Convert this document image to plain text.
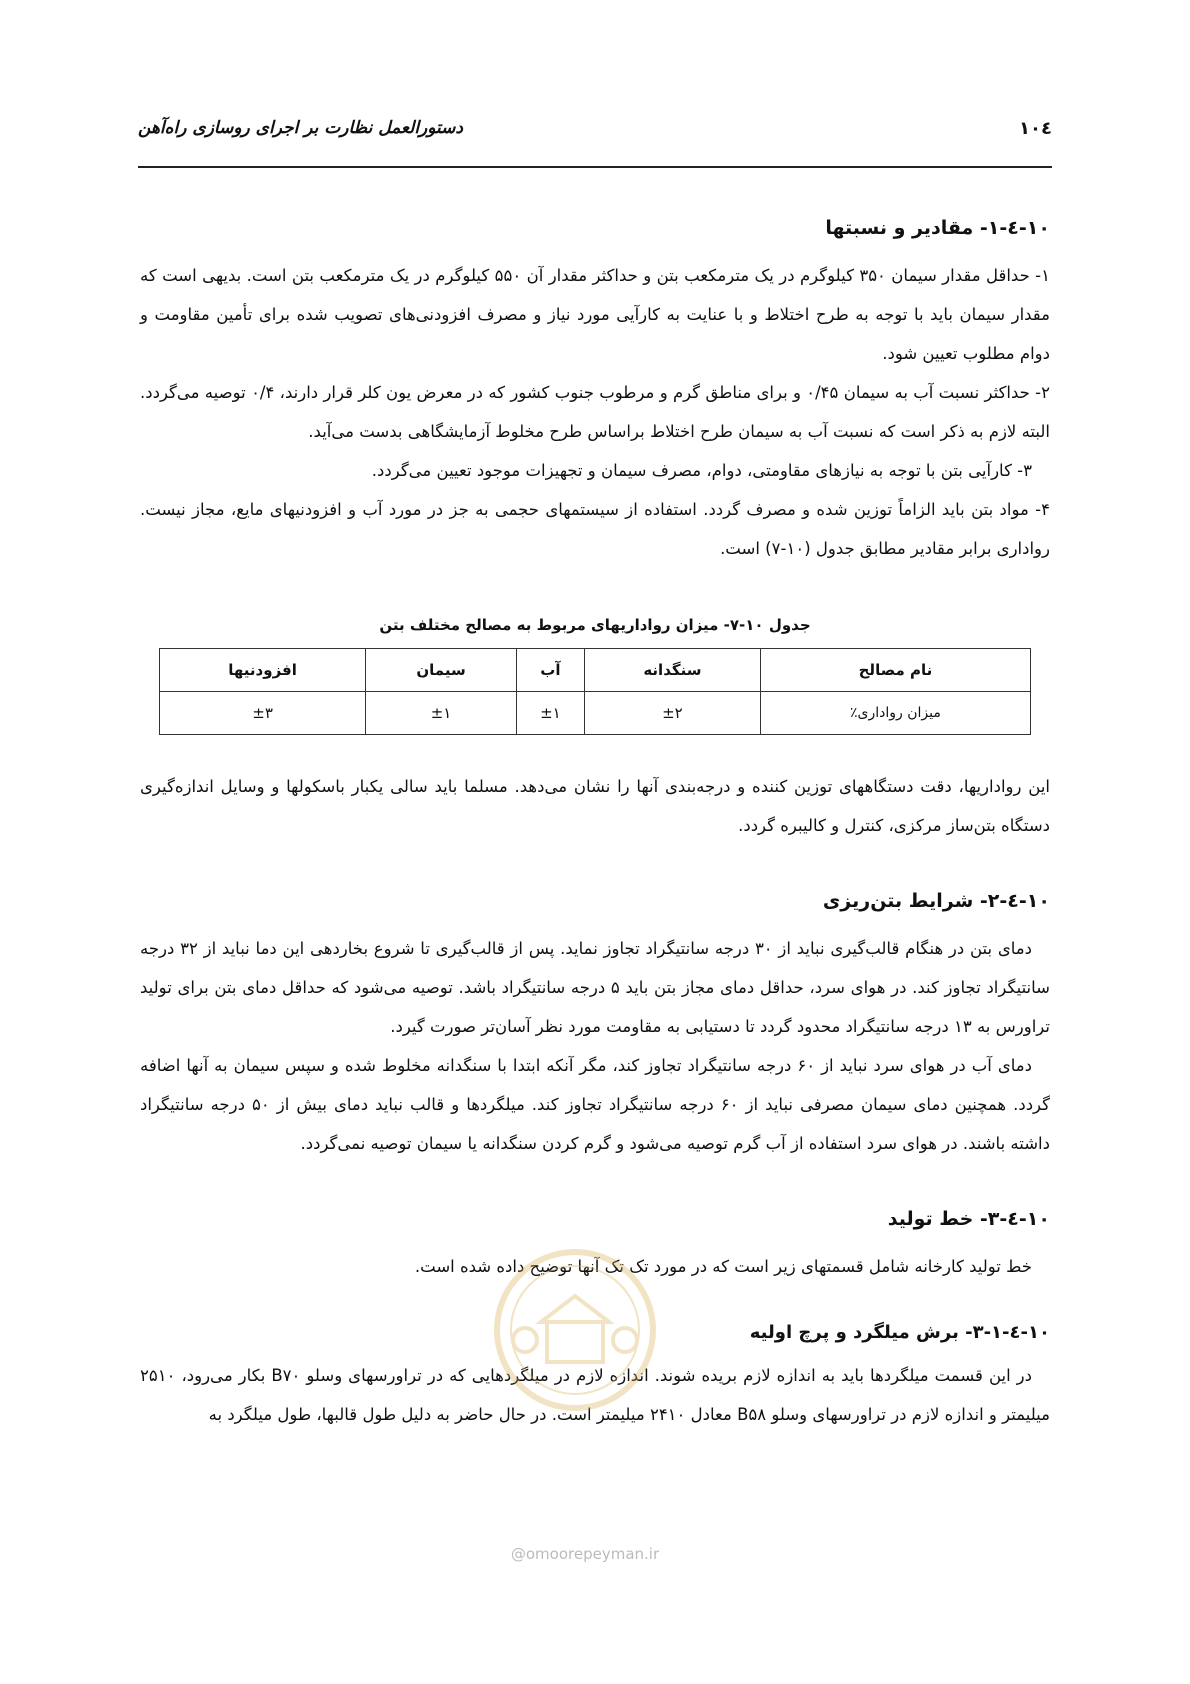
۱۰٤
دستورالعمل نظارت بر اجرای روسازی راه‌آهن
۱۰-٤-۱- مقادیر و نسبتها

۱- حداقل مقدار سیمان ۳۵۰ کیلوگرم در یک مترمکعب بتن و حداکثر مقدار آن ۵۵۰ کیلوگرم در یک مترمکعب بتن است. بدیهی است که مقدار سیمان باید با توجه به طرح اختلاط و با عنایت به کارآیی مورد نیاز و مصرف افزودنی‌های تصویب شده برای تأمین مقاومت و دوام مطلوب تعیین شود.

۲- حداکثر نسبت آب به سیمان ۰/۴۵ و برای مناطق گرم و مرطوب جنوب کشور که در معرض یون کلر قرار دارند، ۰/۴ توصیه می‌گردد. البته لازم به ذکر است که نسبت آب به سیمان طرح اختلاط براساس طرح مخلوط آزمایشگاهی بدست می‌آید.

۳- کارآیی بتن با توجه به نیازهای مقاومتی، دوام، مصرف سیمان و تجهیزات موجود تعیین می‌گردد.

۴- مواد بتن باید الزاماً توزین شده و مصرف گردد. استفاده از سیستمهای حجمی به جز در مورد آب و افزودنیهای مایع، مجاز نیست. رواداری برابر مقادیر مطابق جدول (۱۰-۷) است.

جدول ۱۰-۷- میزان رواداریهای مربوط به مصالح مختلف بتن
نام مصالح	سنگدانه	آب	سیمان	افزودنیها
میزان رواداری٪	±۲	±۱	±۱	±۳

این رواداریها، دقت دستگاههای توزین کننده و درجه‌بندی آنها را نشان می‌دهد. مسلما باید سالی یکبار باسکولها و وسایل اندازه‌گیری دستگاه بتن‌ساز مرکزی، کنترل و کالیبره گردد.

۱۰-٤-۲- شرایط بتن‌ریزی

دمای بتن در هنگام قالب‌گیری نباید از ۳۰ درجه سانتیگراد تجاوز نماید. پس از قالب‌گیری تا شروع بخاردهی این دما نباید از ۳۲ درجه سانتیگراد تجاوز کند. در هوای سرد، حداقل دمای مجاز بتن باید ۵ درجه سانتیگراد باشد. توصیه می‌شود که حداقل دمای بتن برای تولید تراورس به ۱۳ درجه سانتیگراد محدود گردد تا دستیابی به مقاومت مورد نظر آسان‌تر صورت گیرد.

دمای آب در هوای سرد نباید از ۶۰ درجه سانتیگراد تجاوز کند، مگر آنکه ابتدا با سنگدانه مخلوط شده و سپس سیمان به آنها اضافه گردد. همچنین دمای سیمان مصرفی نباید از ۶۰ درجه سانتیگراد تجاوز کند. میلگردها و قالب نباید دمای بیش از ۵۰ درجه سانتیگراد داشته باشند. در هوای سرد استفاده از آب گرم توصیه می‌شود و گرم کردن سنگدانه یا سیمان توصیه نمی‌گردد.

۱۰-٤-۳- خط تولید

خط تولید کارخانه شامل قسمتهای زیر است که در مورد تک تک آنها توضیح داده شده است.

۱۰-٤-۳-۱- برش میلگرد و پرچ اولیه

در این قسمت میلگردها باید به اندازه لازم بریده شوند. اندازه لازم در میلگردهایی که در تراورسهای وسلو B۷۰ بکار می‌رود، ۲۵۱۰ میلیمتر و اندازه لازم در تراورسهای وسلو B۵۸ معادل ۲۴۱۰ میلیمتر است. در حال حاضر به دلیل طول قالبها، طول میلگرد به

@omoorepeyman.ir
